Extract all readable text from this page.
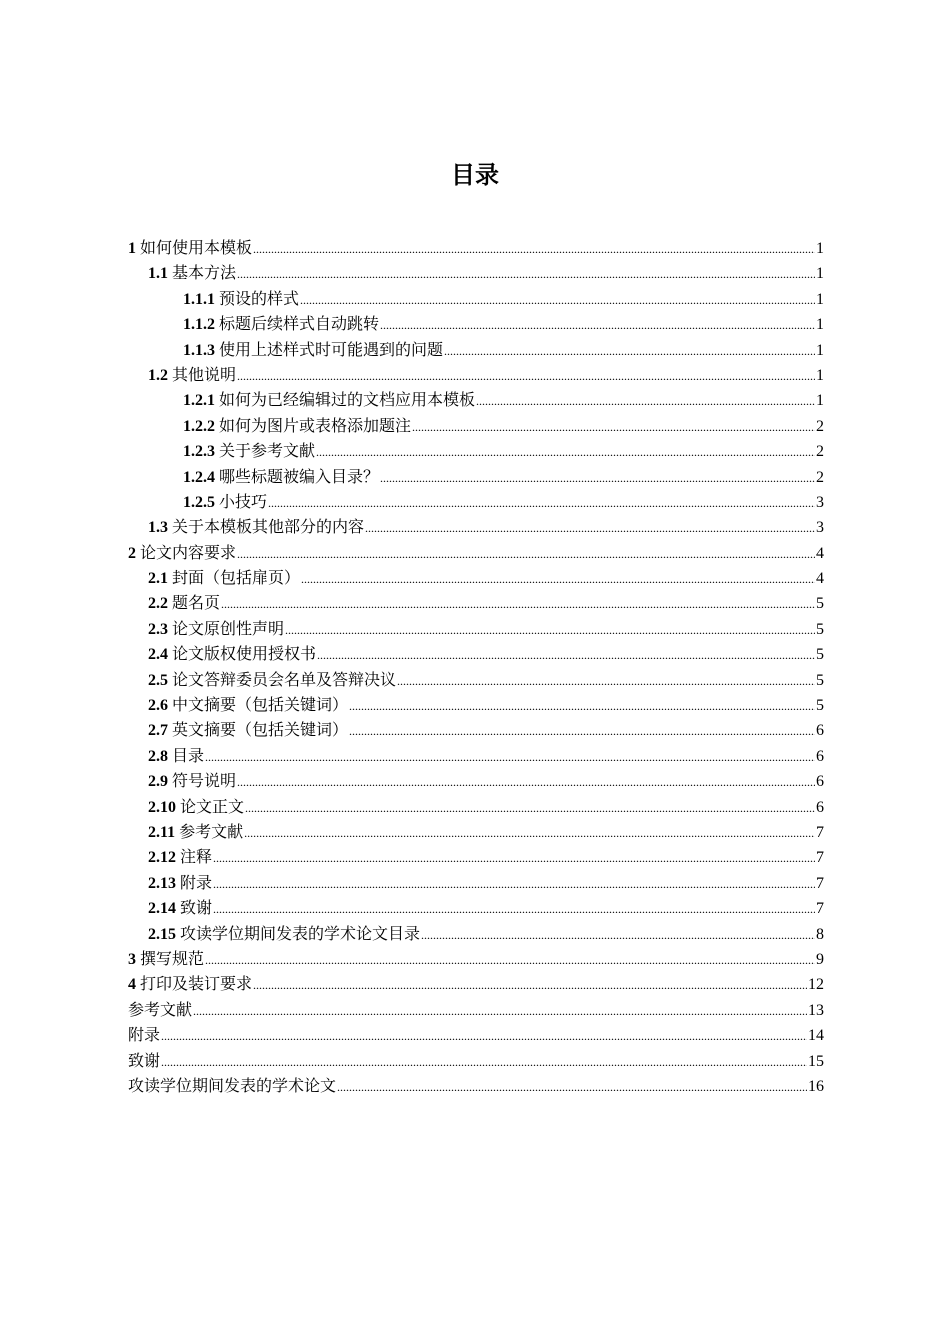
目录
1 如何使用本模板 .....	1
1.1 基本方法 .....	1
1.1.1 预设的样式 .....	1
1.1.2 标题后续样式自动跳转 .....	1
1.1.3 使用上述样式时可能遇到的问题 .....	1
1.2 其他说明 .....	1
1.2.1 如何为已经编辑过的文档应用本模板 .....	1
1.2.2 如何为图片或表格添加题注 .....	2
1.2.3 关于参考文献 .....	2
1.2.4 哪些标题被编入目录？ .....	2
1.2.5 小技巧 .....	3
1.3 关于本模板其他部分的内容 .....	3
2 论文内容要求 .....	4
2.1 封面（包括扉页） .....	4
2.2 题名页 .....	5
2.3 论文原创性声明 .....	5
2.4 论文版权使用授权书 .....	5
2.5 论文答辩委员会名单及答辩决议 .....	5
2.6 中文摘要（包括关键词） .....	5
2.7 英文摘要（包括关键词） .....	6
2.8 目录 .....	6
2.9 符号说明 .....	6
2.10 论文正文 .....	6
2.11 参考文献 .....	7
2.12 注释 .....	7
2.13 附录 .....	7
2.14 致谢 .....	7
2.15 攻读学位期间发表的学术论文目录 .....	8
3 撰写规范 .....	9
4 打印及装订要求 .....	12
参考文献 .....	13
附录 .....	14
致谢 .....	15
攻读学位期间发表的学术论文 .....	16
